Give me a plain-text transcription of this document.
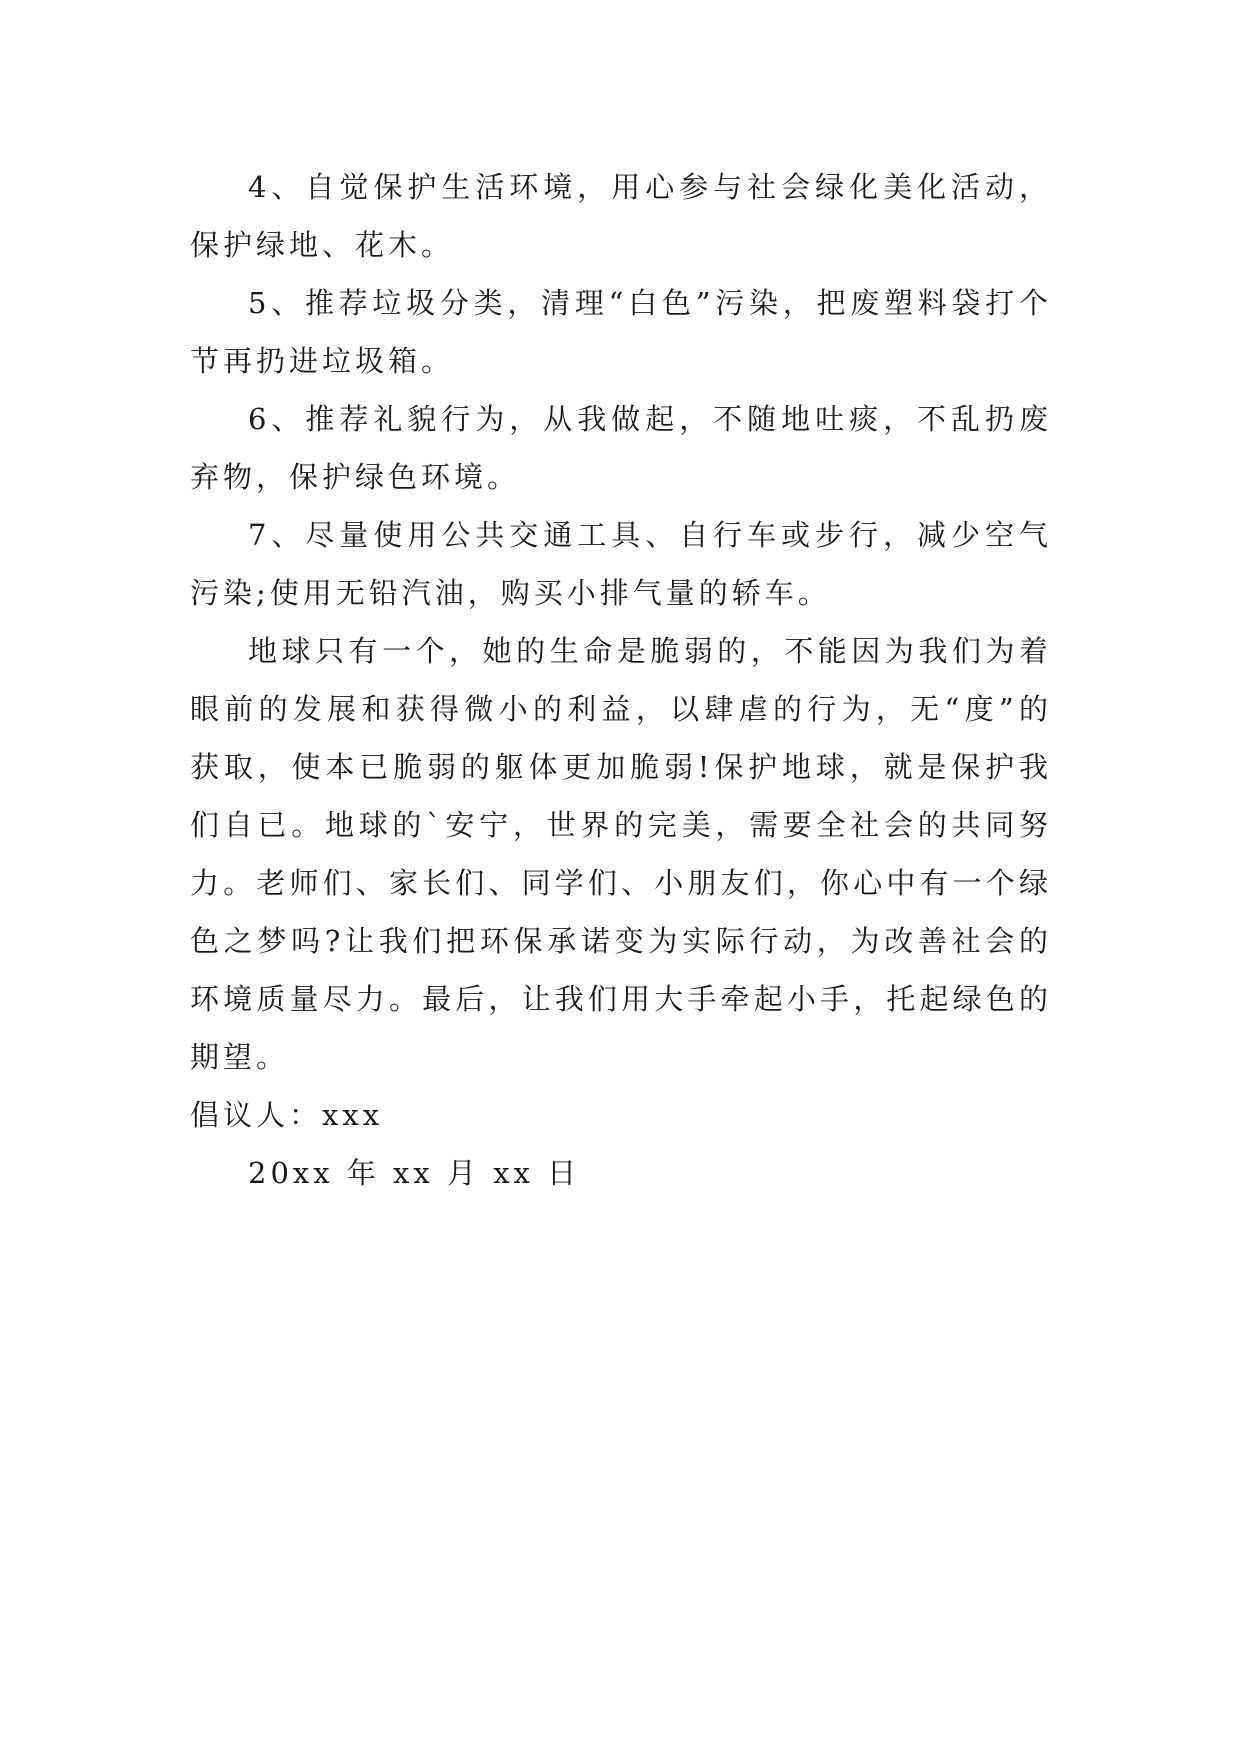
4、自觉保护生活环境，用心参与社会绿化美化活动，保护绿地、花木。

5、推荐垃圾分类，清理“白色”污染，把废塑料袋打个节再扔进垃圾箱。

6、推荐礼貌行为，从我做起，不随地吐痰，不乱扔废弃物，保护绿色环境。

7、尽量使用公共交通工具、自行车或步行，减少空气污染;使用无铅汽油，购买小排气量的轿车。

地球只有一个，她的生命是脆弱的，不能因为我们为着眼前的发展和获得微小的利益，以肆虐的行为，无“度”的获取，使本已脆弱的躯体更加脆弱!保护地球，就是保护我们自已。地球的`安宁，世界的完美，需要全社会的共同努力。老师们、家长们、同学们、小朋友们，你心中有一个绿色之梦吗?让我们把环保承诺变为实际行动，为改善社会的环境质量尽力。最后，让我们用大手牵起小手，托起绿色的期望。

倡议人：xxx

20xx 年 xx 月 xx 日
